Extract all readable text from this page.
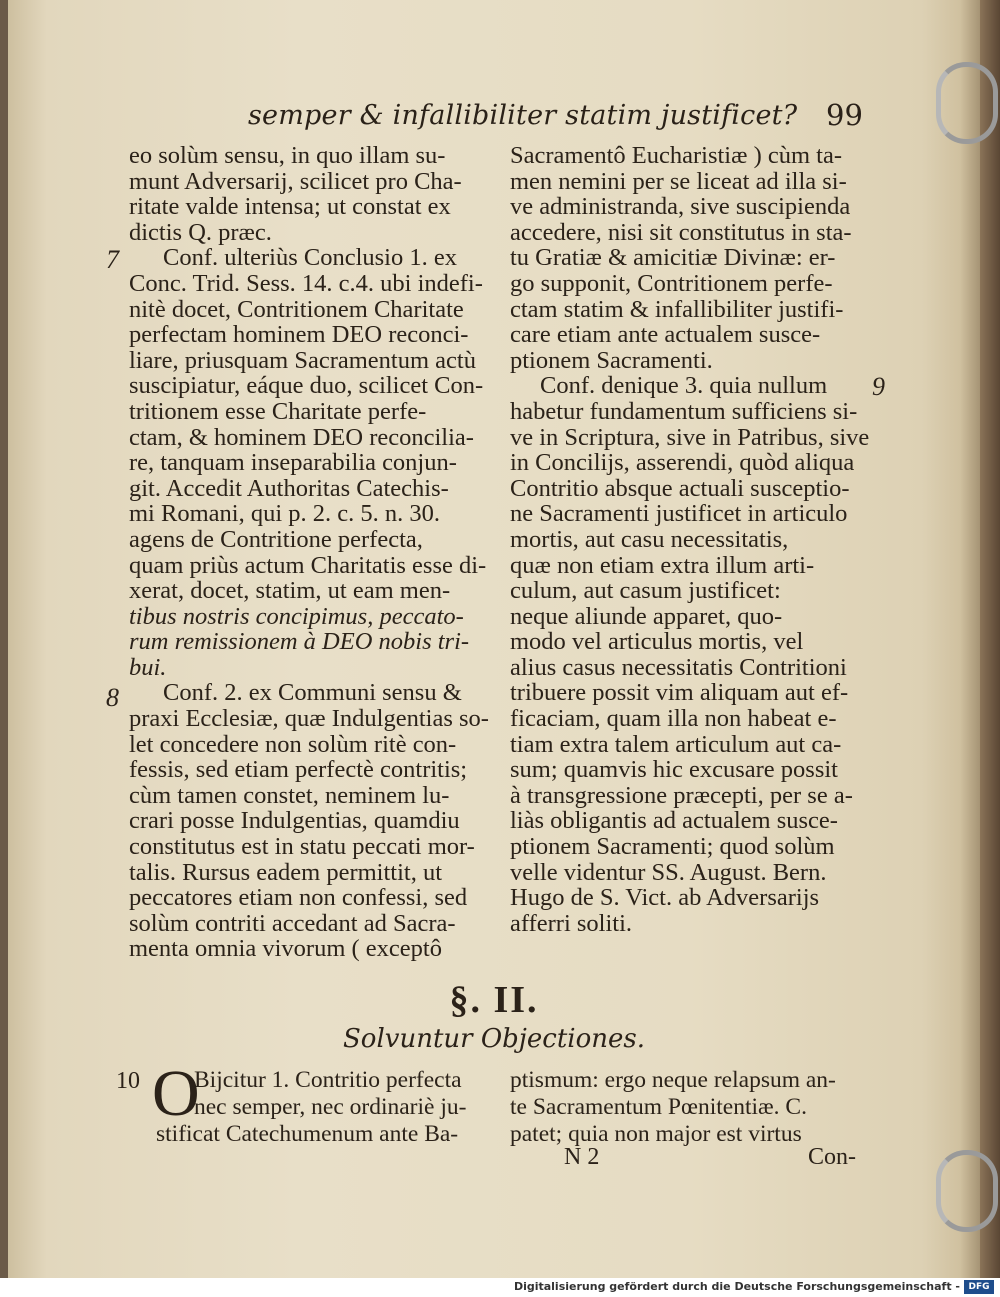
semper & infallibiliter statim justificet? 99
7
8
9
10
eo solùm sensu, in quo illam su-
munt Adversarij, scilicet pro Cha-
ritate valde intensa; ut constat ex
dictis Q. præc.
Conf. ulteriùs Conclusio 1. ex
Conc. Trid. Sess. 14. c.4. ubi indefi-
nitè docet, Contritionem Charitate
perfectam hominem DEO reconci-
liare, priusquam Sacramentum actù
suscipiatur, eáque duo, scilicet Con-
tritionem esse Charitate perfe-
ctam, & hominem DEO reconcilia-
re, tanquam inseparabilia conjun-
git. Accedit Authoritas Catechis-
mi Romani, qui p. 2. c. 5. n. 30.
agens de Contritione perfecta,
quam priùs actum Charitatis esse di-
xerat, docet, statim, ut eam men-
tibus nostris concipimus, peccato-
rum remissionem à DEO nobis tri-
bui.
Conf. 2. ex Communi sensu &
praxi Ecclesiæ, quæ Indulgentias so-
let concedere non solùm ritè con-
fessis, sed etiam perfectè contritis;
cùm tamen constet, neminem lu-
crari posse Indulgentias, quamdiu
constitutus est in statu peccati mor-
talis. Rursus eadem permittit, ut
peccatores etiam non confessi, sed
solùm contriti accedant ad Sacra-
menta omnia vivorum ( exceptô
Sacramentô Eucharistiæ ) cùm ta-
men nemini per se liceat ad illa si-
ve administranda, sive suscipienda
accedere, nisi sit constitutus in sta-
tu Gratiæ & amicitiæ Divinæ: er-
go supponit, Contritionem perfe-
ctam statim & infallibiliter justifi-
care etiam ante actualem susce-
ptionem Sacramenti.
Conf. denique 3. quia nullum
habetur fundamentum sufficiens si-
ve in Scriptura, sive in Patribus, sive
in Concilijs, asserendi, quòd aliqua
Contritio absque actuali susceptio-
ne Sacramenti justificet in articulo
mortis, aut casu necessitatis,
quæ non etiam extra illum arti-
culum, aut casum justificet:
neque aliunde apparet, quo-
modo vel articulus mortis, vel
alius casus necessitatis Contritioni
tribuere possit vim aliquam aut ef-
ficaciam, quam illa non habeat e-
tiam extra talem articulum aut ca-
sum; quamvis hic excusare possit
à transgressione præcepti, per se a-
liàs obligantis ad actualem susce-
ptionem Sacramenti; quod solùm
velle videntur SS. August. Bern.
Hugo de S. Vict. ab Adversarijs
afferri soliti.
§. II.
Solvuntur Objectiones.
O
Bijcitur 1. Contritio perfecta
nec semper, nec ordinariè ju-
stificat Catechumenum ante Ba-
ptismum: ergo neque relapsum an-
te Sacramentum Pœnitentiæ. C.
patet; quia non major est virtus
N 2	Con-
Digitalisierung gefördert durch die Deutsche Forschungsgemeinschaft - DFG
